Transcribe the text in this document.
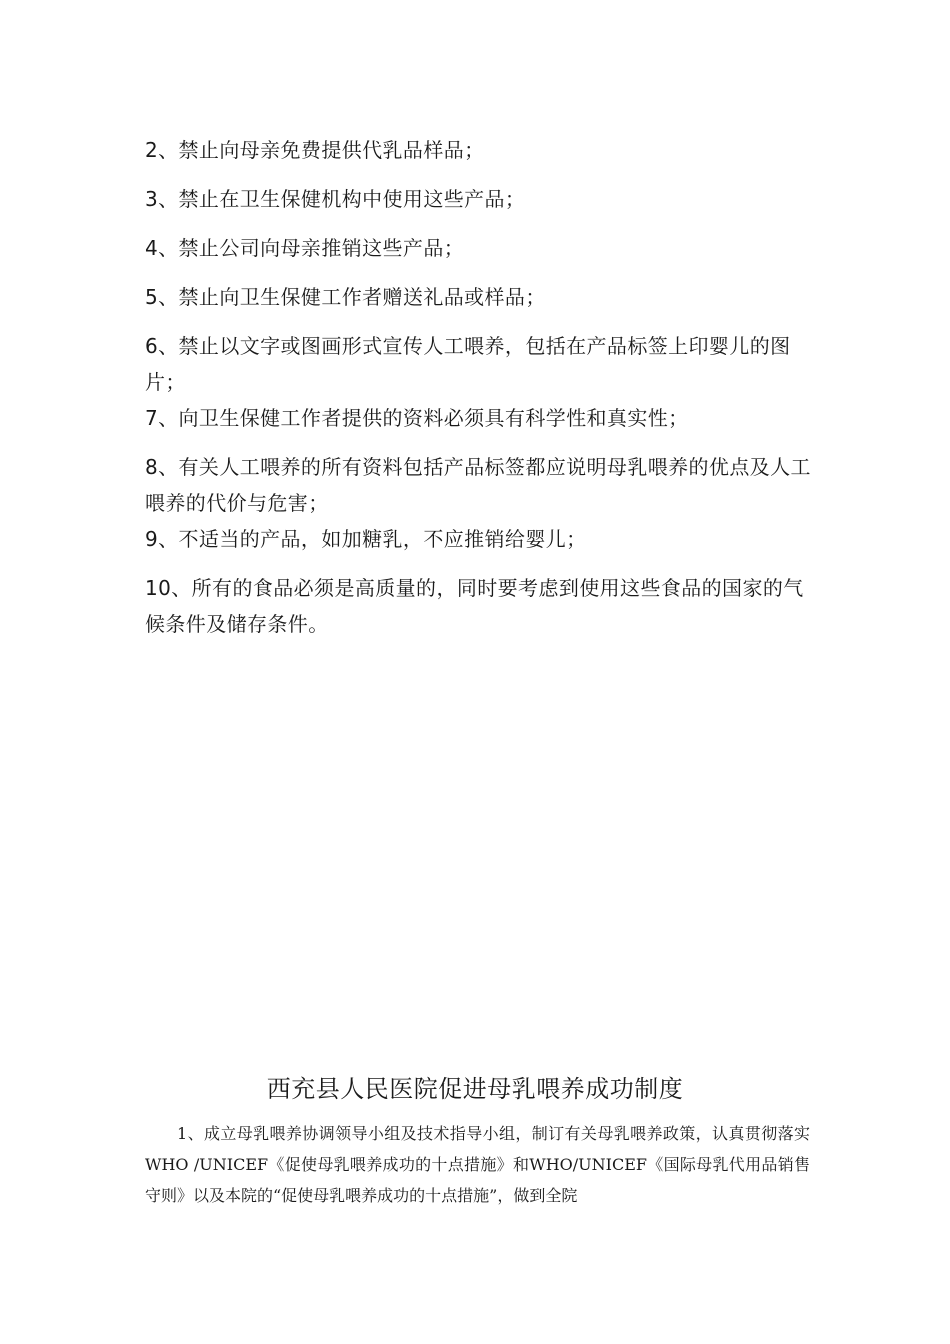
2、禁止向母亲免费提供代乳品样品；

3、禁止在卫生保健机构中使用这些产品；

4、禁止公司向母亲推销这些产品；

5、禁止向卫生保健工作者赠送礼品或样品；

6、禁止以文字或图画形式宣传人工喂养，包括在产品标签上印婴儿的图片；

7、向卫生保健工作者提供的资料必须具有科学性和真实性；

8、有关人工喂养的所有资料包括产品标签都应说明母乳喂养的优点及人工喂养的代价与危害；

9、不适当的产品，如加糖乳，不应推销给婴儿；

10、所有的食品必须是高质量的，同时要考虑到使用这些食品的国家的气候条件及储存条件。

西充县人民医院促进母乳喂养成功制度

1、成立母乳喂养协调领导小组及技术指导小组，制订有关母乳喂养政策，认真贯彻落实WHO /UNICEF《促使母乳喂养成功的十点措施》和WHO/UNICEF《国际母乳代用品销售守则》以及本院的“促使母乳喂养成功的十点措施”，做到全院
